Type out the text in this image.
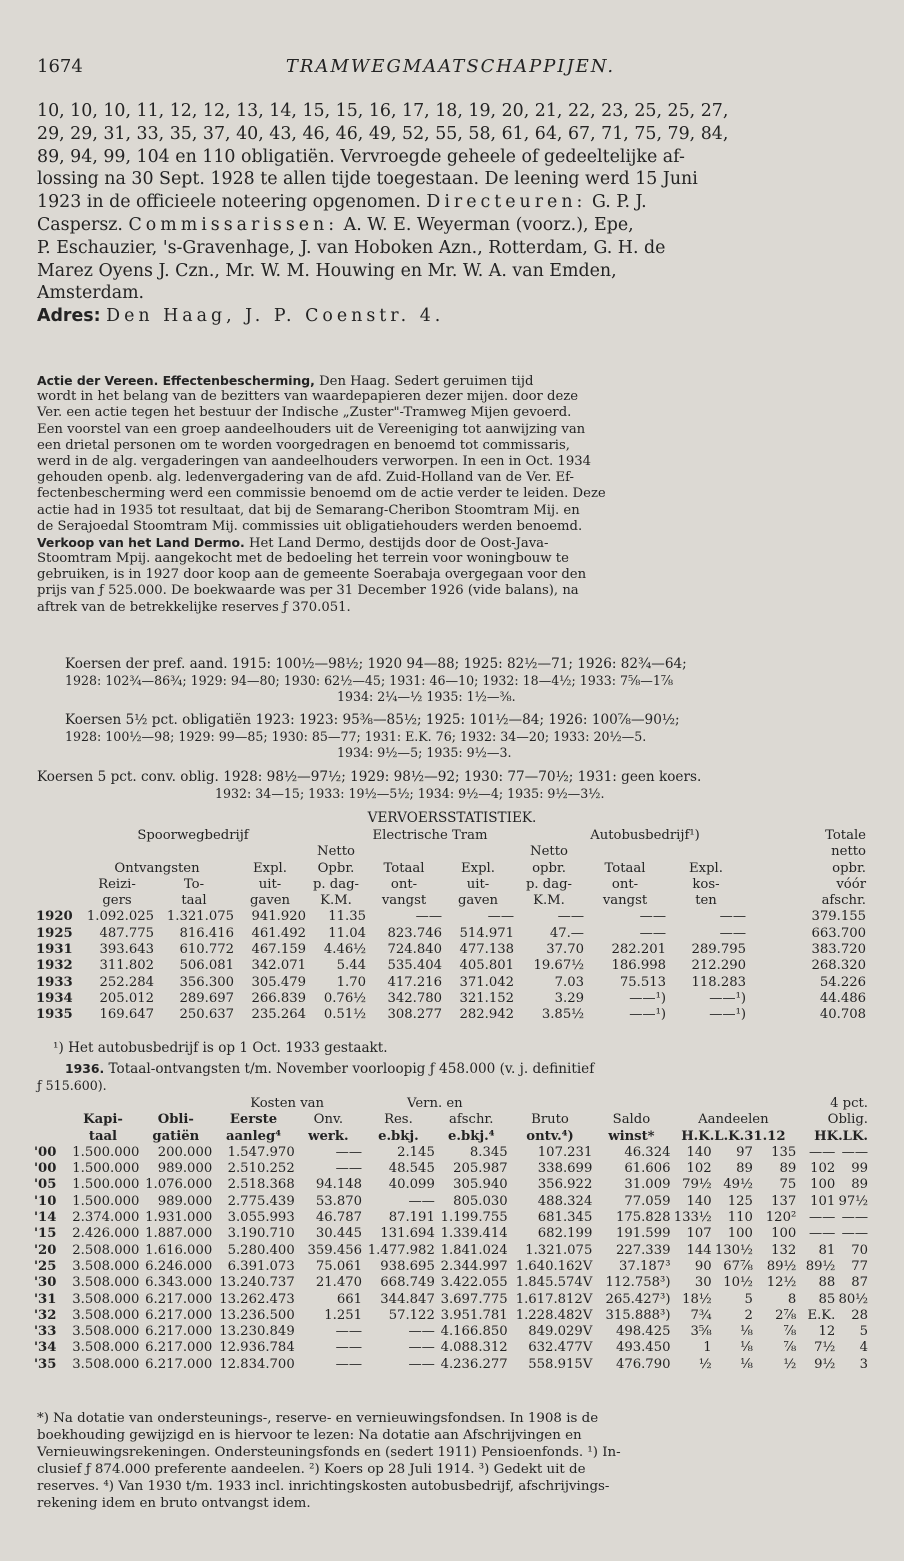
1674	TRAMWEGMAATSCHAPPIJEN.
10, 10, 10, 11, 12, 12, 13, 14, 15, 15, 16, 17, 18, 19, 20, 21, 22, 23, 25, 25, 27,
29, 29, 31, 33, 35, 37, 40, 43, 46, 46, 49, 52, 55, 58, 61, 64, 67, 71, 75, 79, 84,
89, 94, 99, 104 en 110 obligatiën. Vervroegde geheele of gedeeltelijke af-
lossing na 30 Sept. 1928 te allen tijde toegestaan. De leening werd 15 Juni
1923 in de officieele noteering opgenomen. Directeuren: G. P. J.
Caspersz. Commissarissen: A. W. E. Weyerman (voorz.), Epe,
P. Eschauzier, 's-Gravenhage, J. van Hoboken Azn., Rotterdam, G. H. de
Marez Oyens J. Czn., Mr. W. M. Houwing en Mr. W. A. van Emden,
Amsterdam.
Adres: Den Haag, J. P. Coenstr. 4.
Actie der Vereen. Effectenbescherming, Den Haag. Sedert geruimen tijd
wordt in het belang van de bezitters van waardepapieren dezer mijen. door deze
Ver. een actie tegen het bestuur der Indische „Zuster"-Tramweg Mijen gevoerd.
Een voorstel van een groep aandeelhouders uit de Vereeniging tot aanwijzing van
een drietal personen om te worden voorgedragen en benoemd tot commissaris,
werd in de alg. vergaderingen van aandeelhouders verworpen. In een in Oct. 1934
gehouden openb. alg. ledenvergadering van de afd. Zuid-Holland van de Ver. Ef-
fectenbescherming werd een commissie benoemd om de actie verder te leiden. Deze
actie had in 1935 tot resultaat, dat bij de Semarang-Cheribon Stoomtram Mij. en
de Serajoedal Stoomtram Mij. commissies uit obligatiehouders werden benoemd.
Verkoop van het Land Dermo. Het Land Dermo, destijds door de Oost-Java-
Stoomtram Mpij. aangekocht met de bedoeling het terrein voor woningbouw te
gebruiken, is in 1927 door koop aan de gemeente Soerabaja overgegaan voor den
prijs van ƒ 525.000. De boekwaarde was per 31 December 1926 (vide balans), na
aftrek van de betrekkelijke reserves ƒ 370.051.
Koersen der pref. aand. 1915: 100½—98½; 1920 94—88; 1925: 82½—71; 1926: 82¾—64;
1928: 102¾—86¾; 1929: 94—80; 1930: 62½—45; 1931: 46—10; 1932: 18—4½; 1933: 7⅝—1⅞
1934: 2¼—½ 1935: 1½—⅜.
Koersen 5½ pct. obligatiën 1923: 1923: 95⅜—85½; 1925: 101½—84; 1926: 100⅞—90½;
1928: 100½—98; 1929: 99—85; 1930: 85—77; 1931: E.K. 76; 1932: 34—20; 1933: 20½—5.
1934: 9½—5; 1935: 9½—3.
Koersen 5 pct. conv. oblig. 1928: 98½—97½; 1929: 98½—92; 1930: 77—70½; 1931: geen koers.
1932: 34—15; 1933: 19½—5½; 1934: 9½—4; 1935: 9½—3½.
VERVOERSSTATISTIEK.
	Spoorwegbedrijf			Electrische Tram			Autobusbedrijf¹)			Totale
				Netto			Netto			netto
	Ontvangsten		Expl.	Opbr.	Totaal	Expl.	opbr.	Totaal	Expl.	opbr.
	Reizi-	To-	uit-	p. dag-	ont-	uit-	p. dag-	ont-	kos-	vóór
	gers	taal	gaven	K.M.	vangst	gaven	K.M.	vangst	ten	afschr.
1920	1.092.025	1.321.075	941.920	11.35	——	——	——	——	——	379.155
1925	487.775	816.416	461.492	11.04	823.746	514.971	47.—	——	——	663.700
1931	393.643	610.772	467.159	4.46½	724.840	477.138	37.70	282.201	289.795	383.720
1932	311.802	506.081	342.071	5.44	535.404	405.801	19.67½	186.998	212.290	268.320
1933	252.284	356.300	305.479	1.70	417.216	371.042	7.03	75.513	118.283	54.226
1934	205.012	289.697	266.839	0.76½	342.780	321.152	3.29	——¹)	——¹)	44.486
1935	169.647	250.637	235.264	0.51½	308.277	282.942	3.85½	——¹)	——¹)	40.708
¹) Het autobusbedrijf is op 1 Oct. 1933 gestaakt.
1936. Totaal-ontvangsten t/m. November voorloopig ƒ 458.000 (v. j. definitief
ƒ 515.600).
			Kosten van		Vern. en							4 pct.	
	Kapi-	Obli-	Eerste	Onv.	Res.	afschr.	Bruto	Saldo	Aandeelen			Oblig.	
	taal	gatiën	aanleg⁴	werk.	e.bkj.	e.bkj.⁴	ontv.⁴)	winst*	H.K.L.K.31.12			HK.LK.	
'00	1.500.000	200.000	1.547.970	——	2.145	8.345	107.231	46.324	140	97	135	——	——
'00	1.500.000	989.000	2.510.252	——	48.545	205.987	338.699	61.606	102	89	89	102	99
'05	1.500.000	1.076.000	2.518.368	94.148	40.099	305.940	356.922	31.009	79½	49½	75	100	89
'10	1.500.000	989.000	2.775.439	53.870	——	805.030	488.324	77.059	140	125	137	101	97½
'14	2.374.000	1.931.000	3.055.993	46.787	87.191	1.199.755	681.345	175.828	133½	110	120²	——	——
'15	2.426.000	1.887.000	3.190.710	30.445	131.694	1.339.414	682.199	191.599	107	100	100	——	——
'20	2.508.000	1.616.000	5.280.400	359.456	1.477.982	1.841.024	1.321.075	227.339	144	130½	132	81	70
'25	3.508.000	6.246.000	6.391.073	75.061	938.695	2.344.997	1.640.162V	37.187³	90	67⅞	89½	89½	77
'30	3.508.000	6.343.000	13.240.737	21.470	668.749	3.422.055	1.845.574V	112.758³)	30	10½	12½	88	87
'31	3.508.000	6.217.000	13.262.473	661	344.847	3.697.775	1.617.812V	265.427³)	18½	5	8	85	80½
'32	3.508.000	6.217.000	13.236.500	1.251	57.122	3.951.781	1.228.482V	315.888³)	7¾	2	2⅞	E.K.	28
'33	3.508.000	6.217.000	13.230.849	——	——	4.166.850	849.029V	498.425	3⅝	⅛	⅞	12	5
'34	3.508.000	6.217.000	12.936.784	——	——	4.088.312	632.477V	493.450	1	⅛	⅞	7½	4
'35	3.508.000	6.217.000	12.834.700	——	——	4.236.277	558.915V	476.790	½	⅛	½	9½	3
*) Na dotatie van ondersteunings-, reserve- en vernieuwingsfondsen. In 1908 is de
boekhouding gewijzigd en is hiervoor te lezen: Na dotatie aan Afschrijvingen en
Vernieuwingsrekeningen. Ondersteuningsfonds en (sedert 1911) Pensioenfonds. ¹) In-
clusief ƒ 874.000 preferente aandeelen. ²) Koers op 28 Juli 1914. ³) Gedekt uit de
reserves. ⁴) Van 1930 t/m. 1933 incl. inrichtingskosten autobusbedrijf, afschrijvings-
rekening idem en bruto ontvangst idem.
